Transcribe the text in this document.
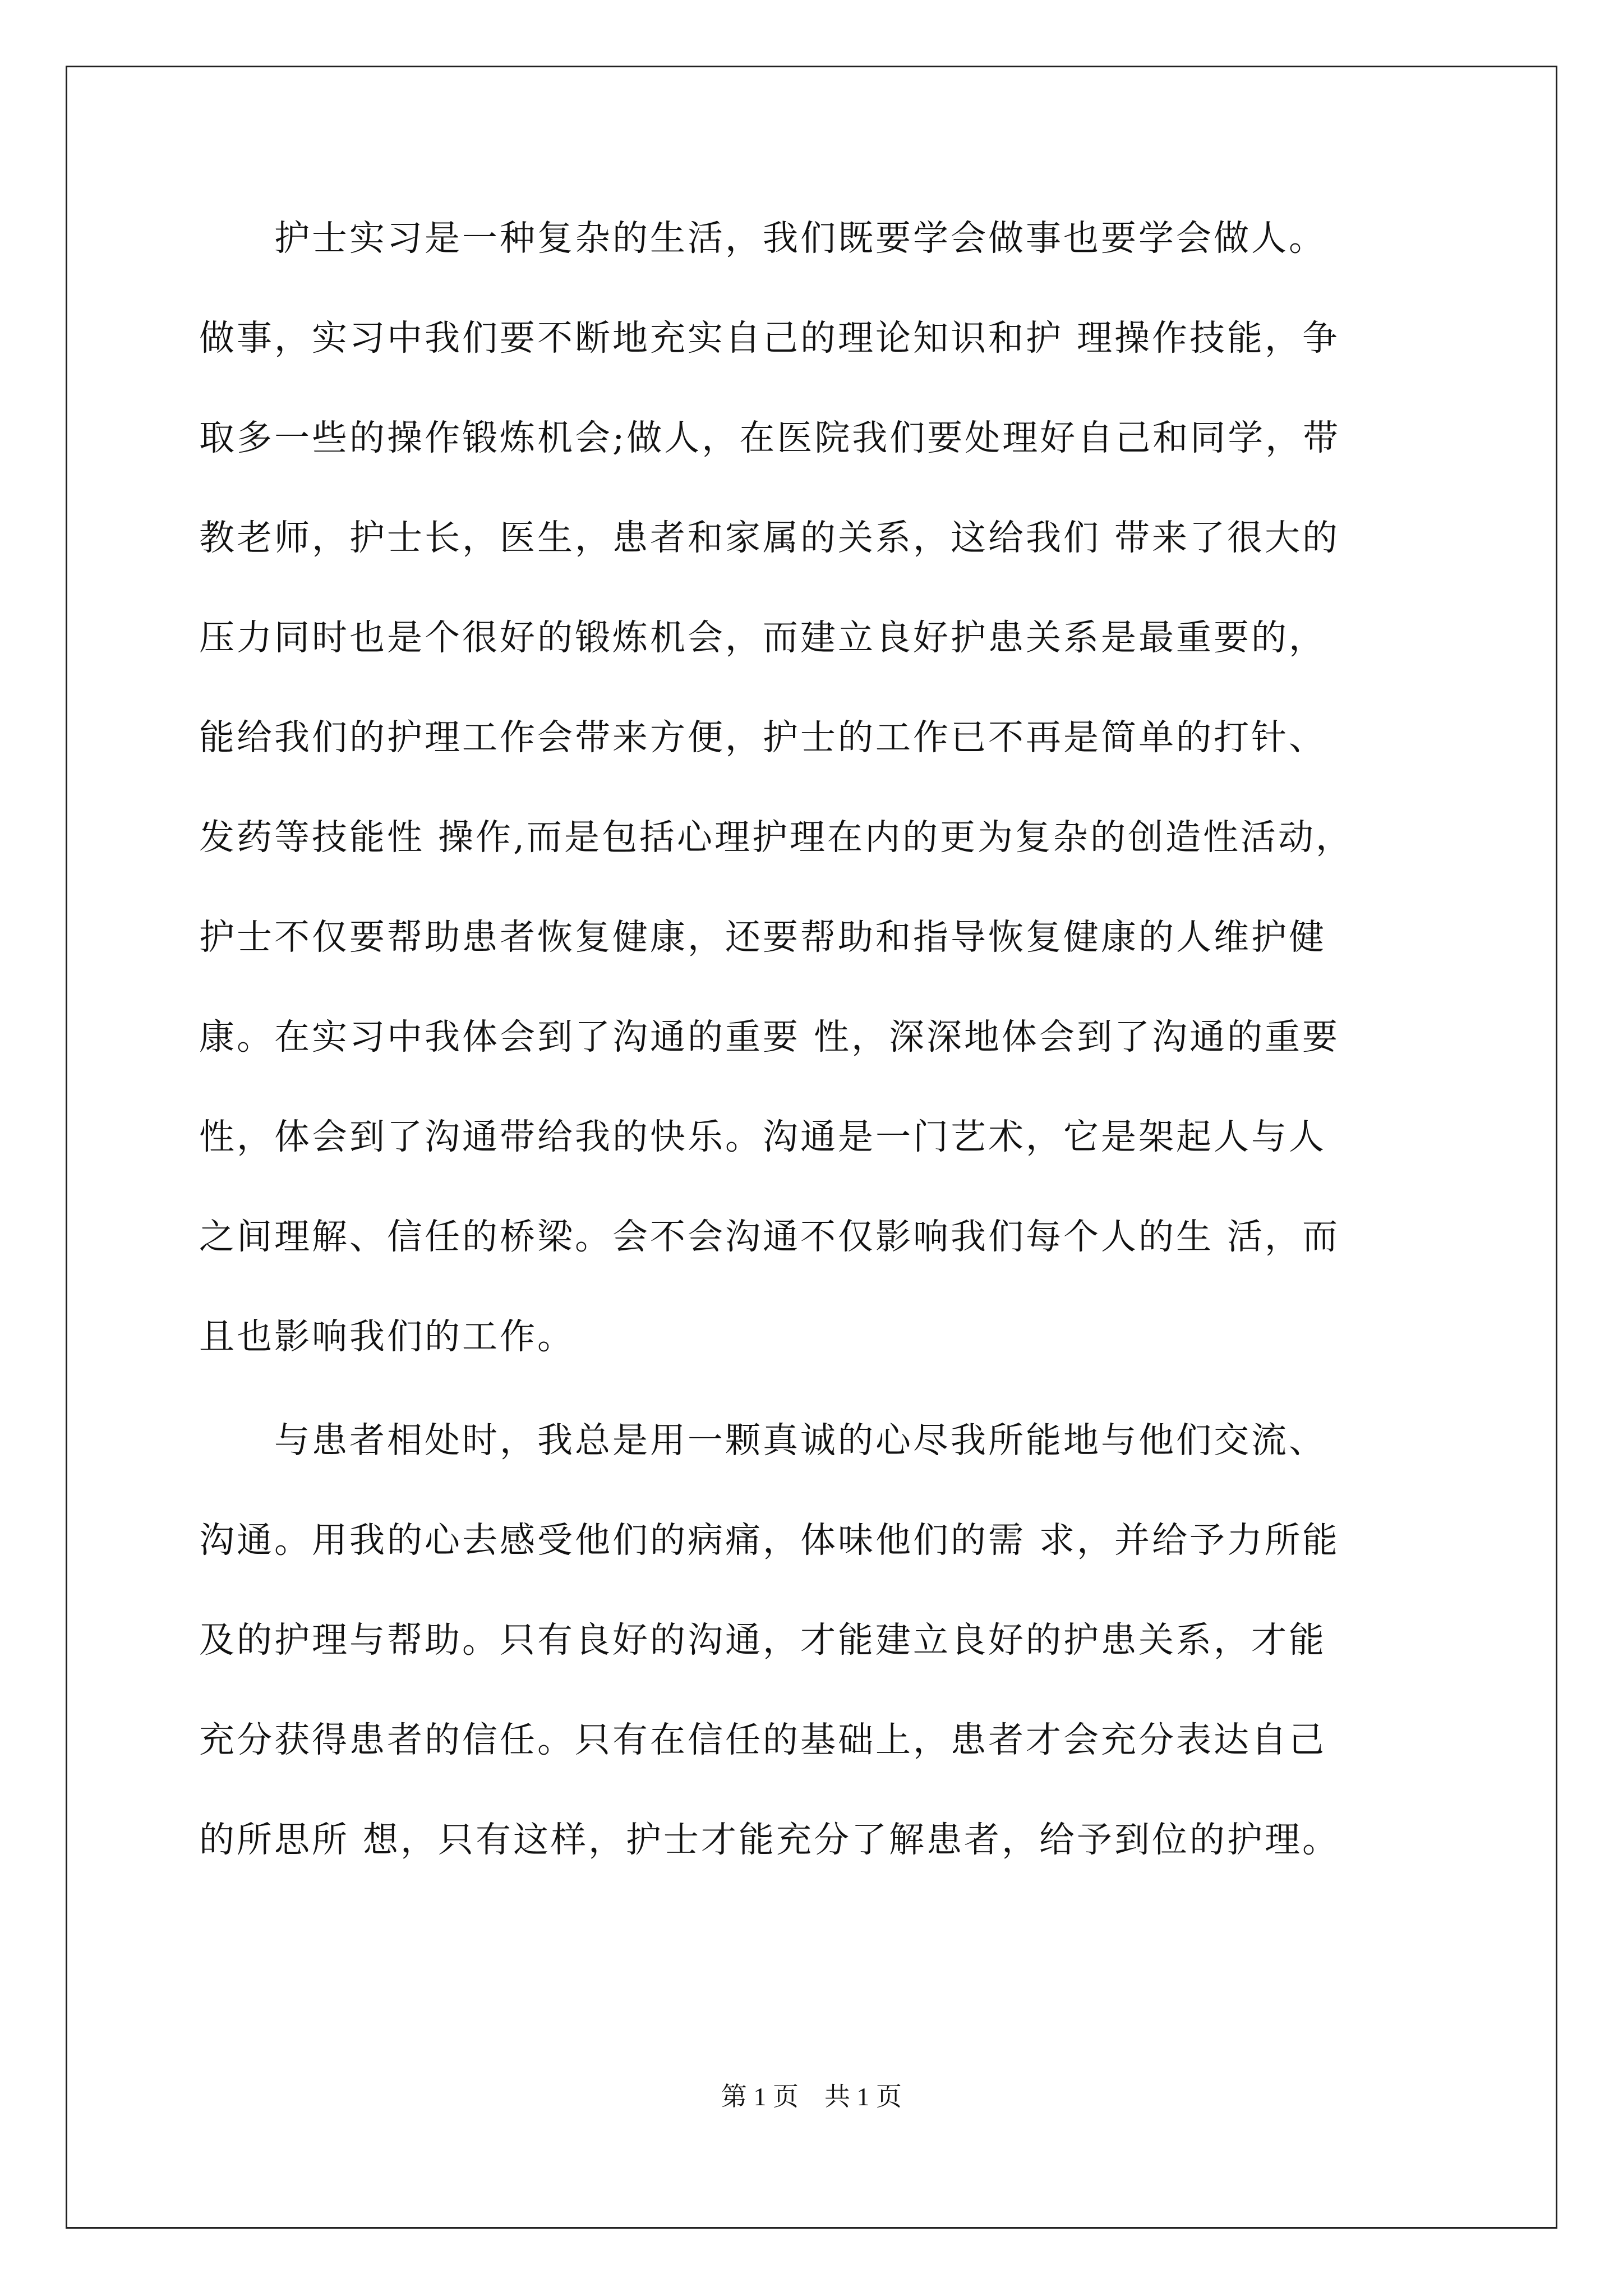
　　护士实习是一种复杂的生活，我们既要学会做事也要学会做人。
做事，实习中我们要不断地充实自己的理论知识和护 理操作技能，争
取多一些的操作锻炼机会;做人，在医院我们要处理好自己和同学，带
教老师，护士长，医生，患者和家属的关系，这给我们 带来了很大的
压力同时也是个很好的锻炼机会，而建立良好护患关系是最重要的，
能给我们的护理工作会带来方便，护士的工作已不再是简单的打针、
发药等技能性 操作,而是包括心理护理在内的更为复杂的创造性活动，
护士不仅要帮助患者恢复健康，还要帮助和指导恢复健康的人维护健
康。在实习中我体会到了沟通的重要 性，深深地体会到了沟通的重要
性，体会到了沟通带给我的快乐。沟通是一门艺术，它是架起人与人
之间理解、信任的桥梁。会不会沟通不仅影响我们每个人的生 活，而
且也影响我们的工作。
　　与患者相处时，我总是用一颗真诚的心尽我所能地与他们交流、
沟通。用我的心去感受他们的病痛，体味他们的需 求，并给予力所能
及的护理与帮助。只有良好的沟通，才能建立良好的护患关系，才能
充分获得患者的信任。只有在信任的基础上，患者才会充分表达自己
的所思所 想，只有这样，护士才能充分了解患者，给予到位的护理。
第 1 页　共 1 页
